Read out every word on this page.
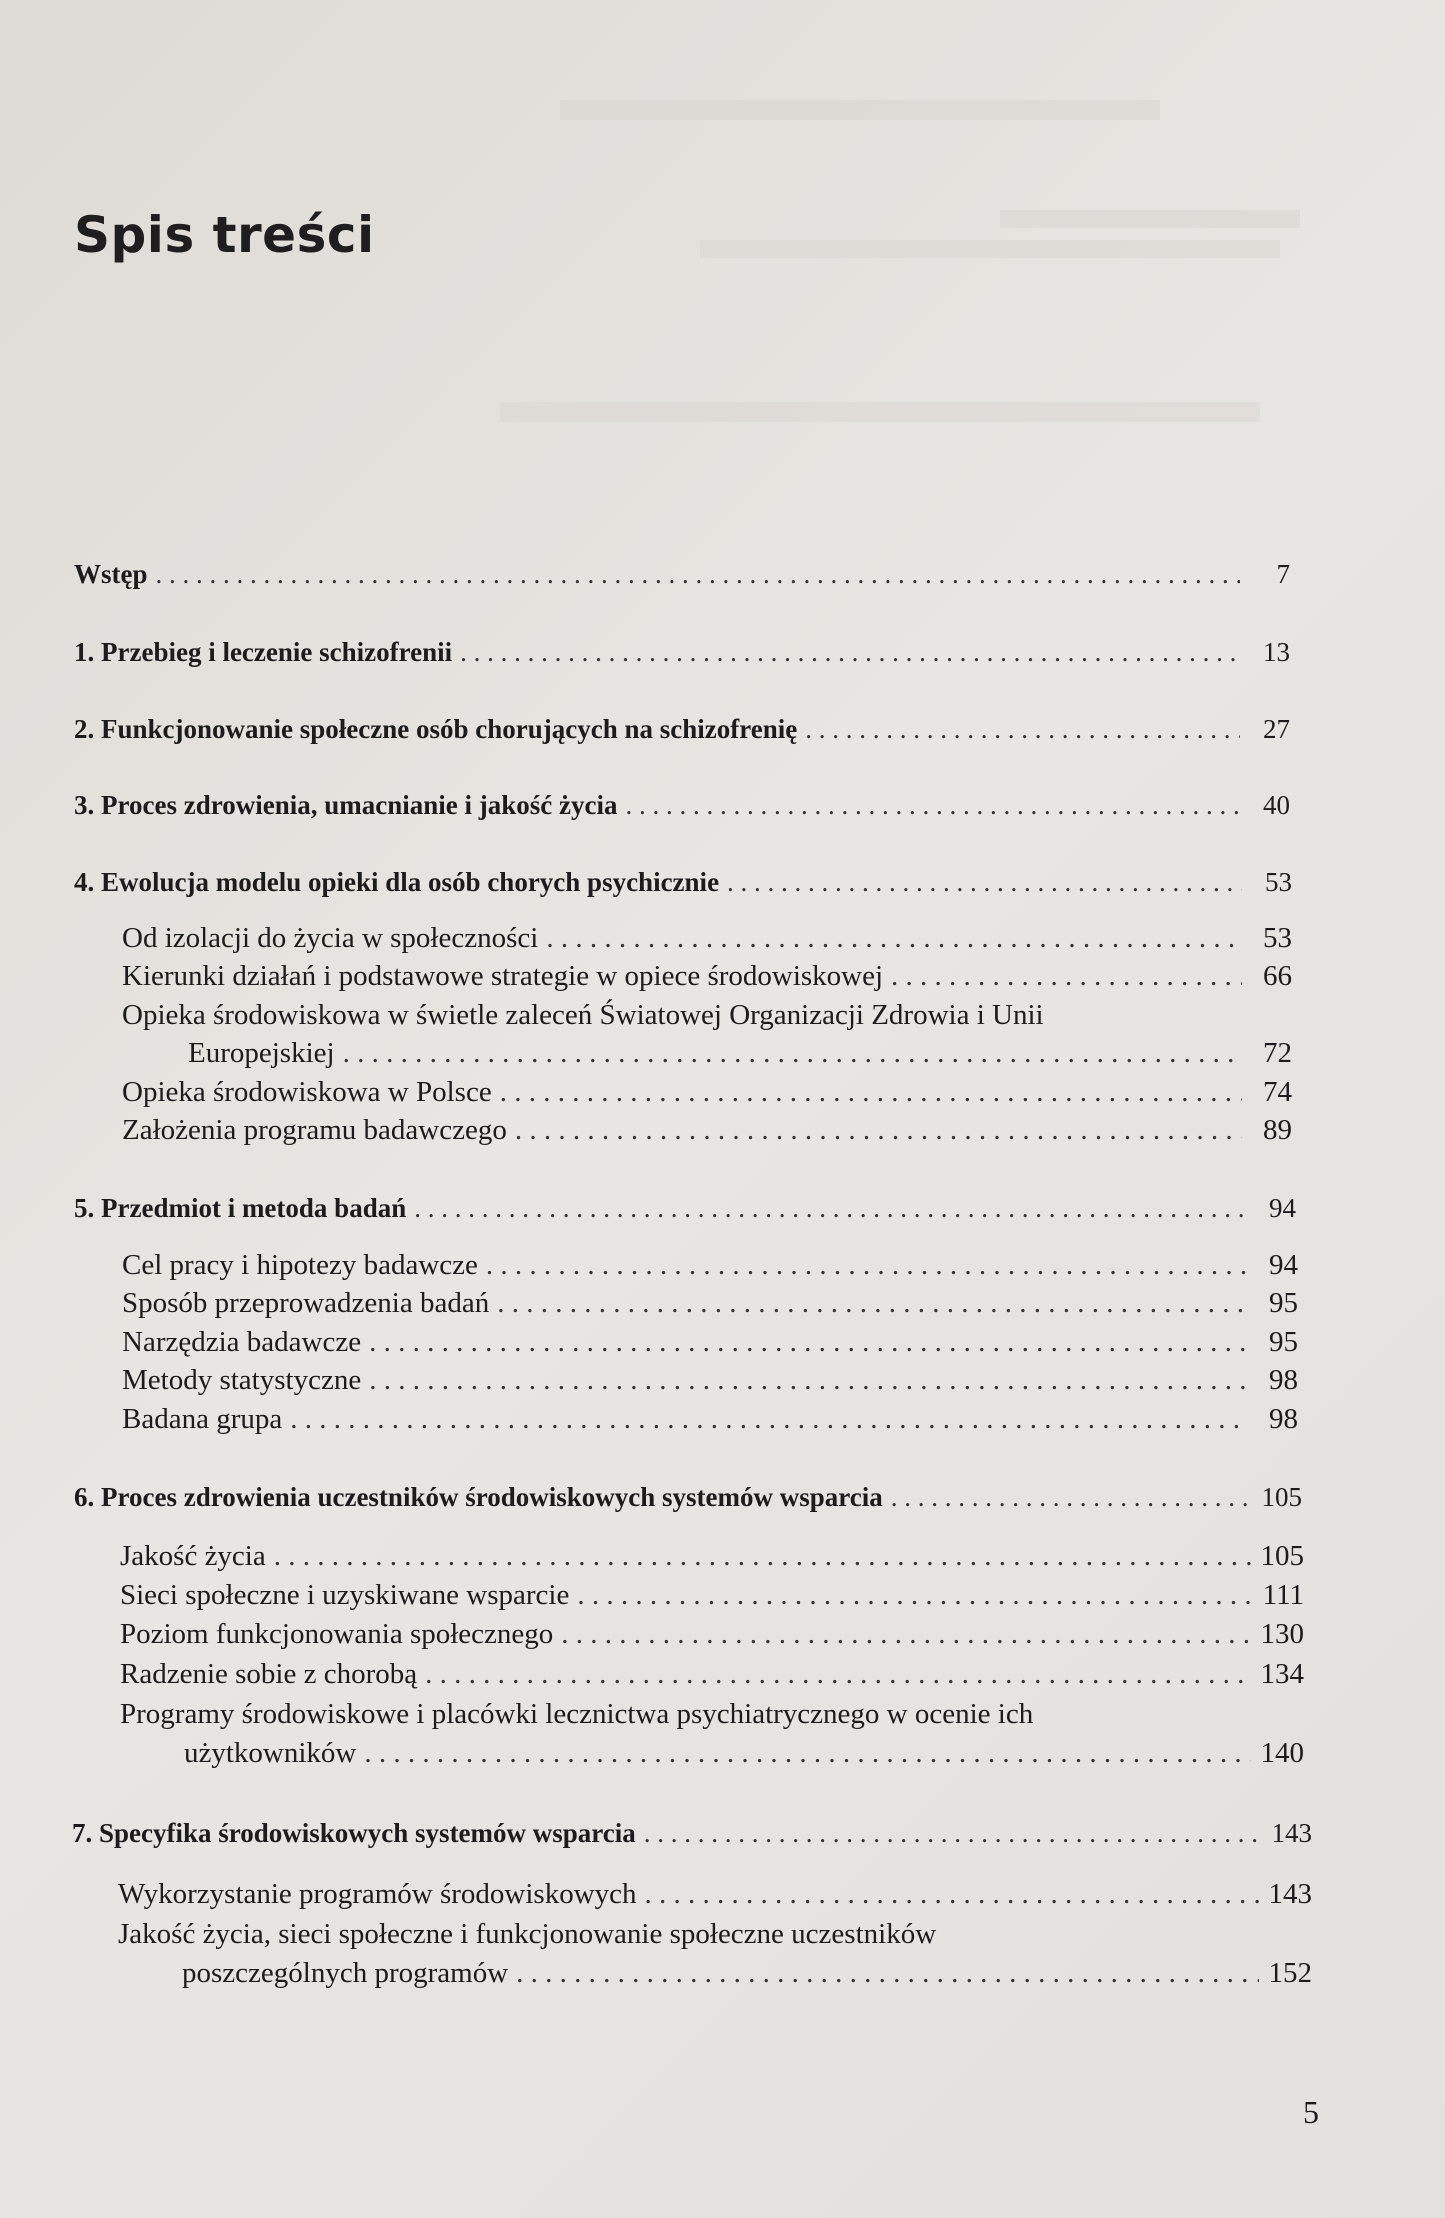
Spis treści
Wstęp . . .	7
1. Przebieg i leczenie schizofrenii . . .	13
2. Funkcjonowanie społeczne osób chorujących na schizofrenię . . .	27
3. Proces zdrowienia, umacnianie i jakość życia . . .	40
4. Ewolucja modelu opieki dla osób chorych psychicznie . . .	53
Od izolacji do życia w społeczności . . .	53
Kierunki działań i podstawowe strategie w opiece środowiskowej . . .	66
Opieka środowiskowa w świetle zaleceń Światowej Organizacji Zdrowia i Unii
Europejskiej . . .	72
Opieka środowiskowa w Polsce . . .	74
Założenia programu badawczego . . .	89
5. Przedmiot i metoda badań . . .	94
Cel pracy i hipotezy badawcze . . .	94
Sposób przeprowadzenia badań . . .	95
Narzędzia badawcze . . .	95
Metody statystyczne . . .	98
Badana grupa . . .	98
6. Proces zdrowienia uczestników środowiskowych systemów wsparcia . . .	105
Jakość życia . . .	105
Sieci społeczne i uzyskiwane wsparcie . . .	111
Poziom funkcjonowania społecznego . . .	130
Radzenie sobie z chorobą . . .	134
Programy środowiskowe i placówki lecznictwa psychiatrycznego w ocenie ich
użytkowników . . .	140
7. Specyfika środowiskowych systemów wsparcia . . .	143
Wykorzystanie programów środowiskowych . . .	143
Jakość życia, sieci społeczne i funkcjonowanie społeczne uczestników
poszczególnych programów . . .	152
5
